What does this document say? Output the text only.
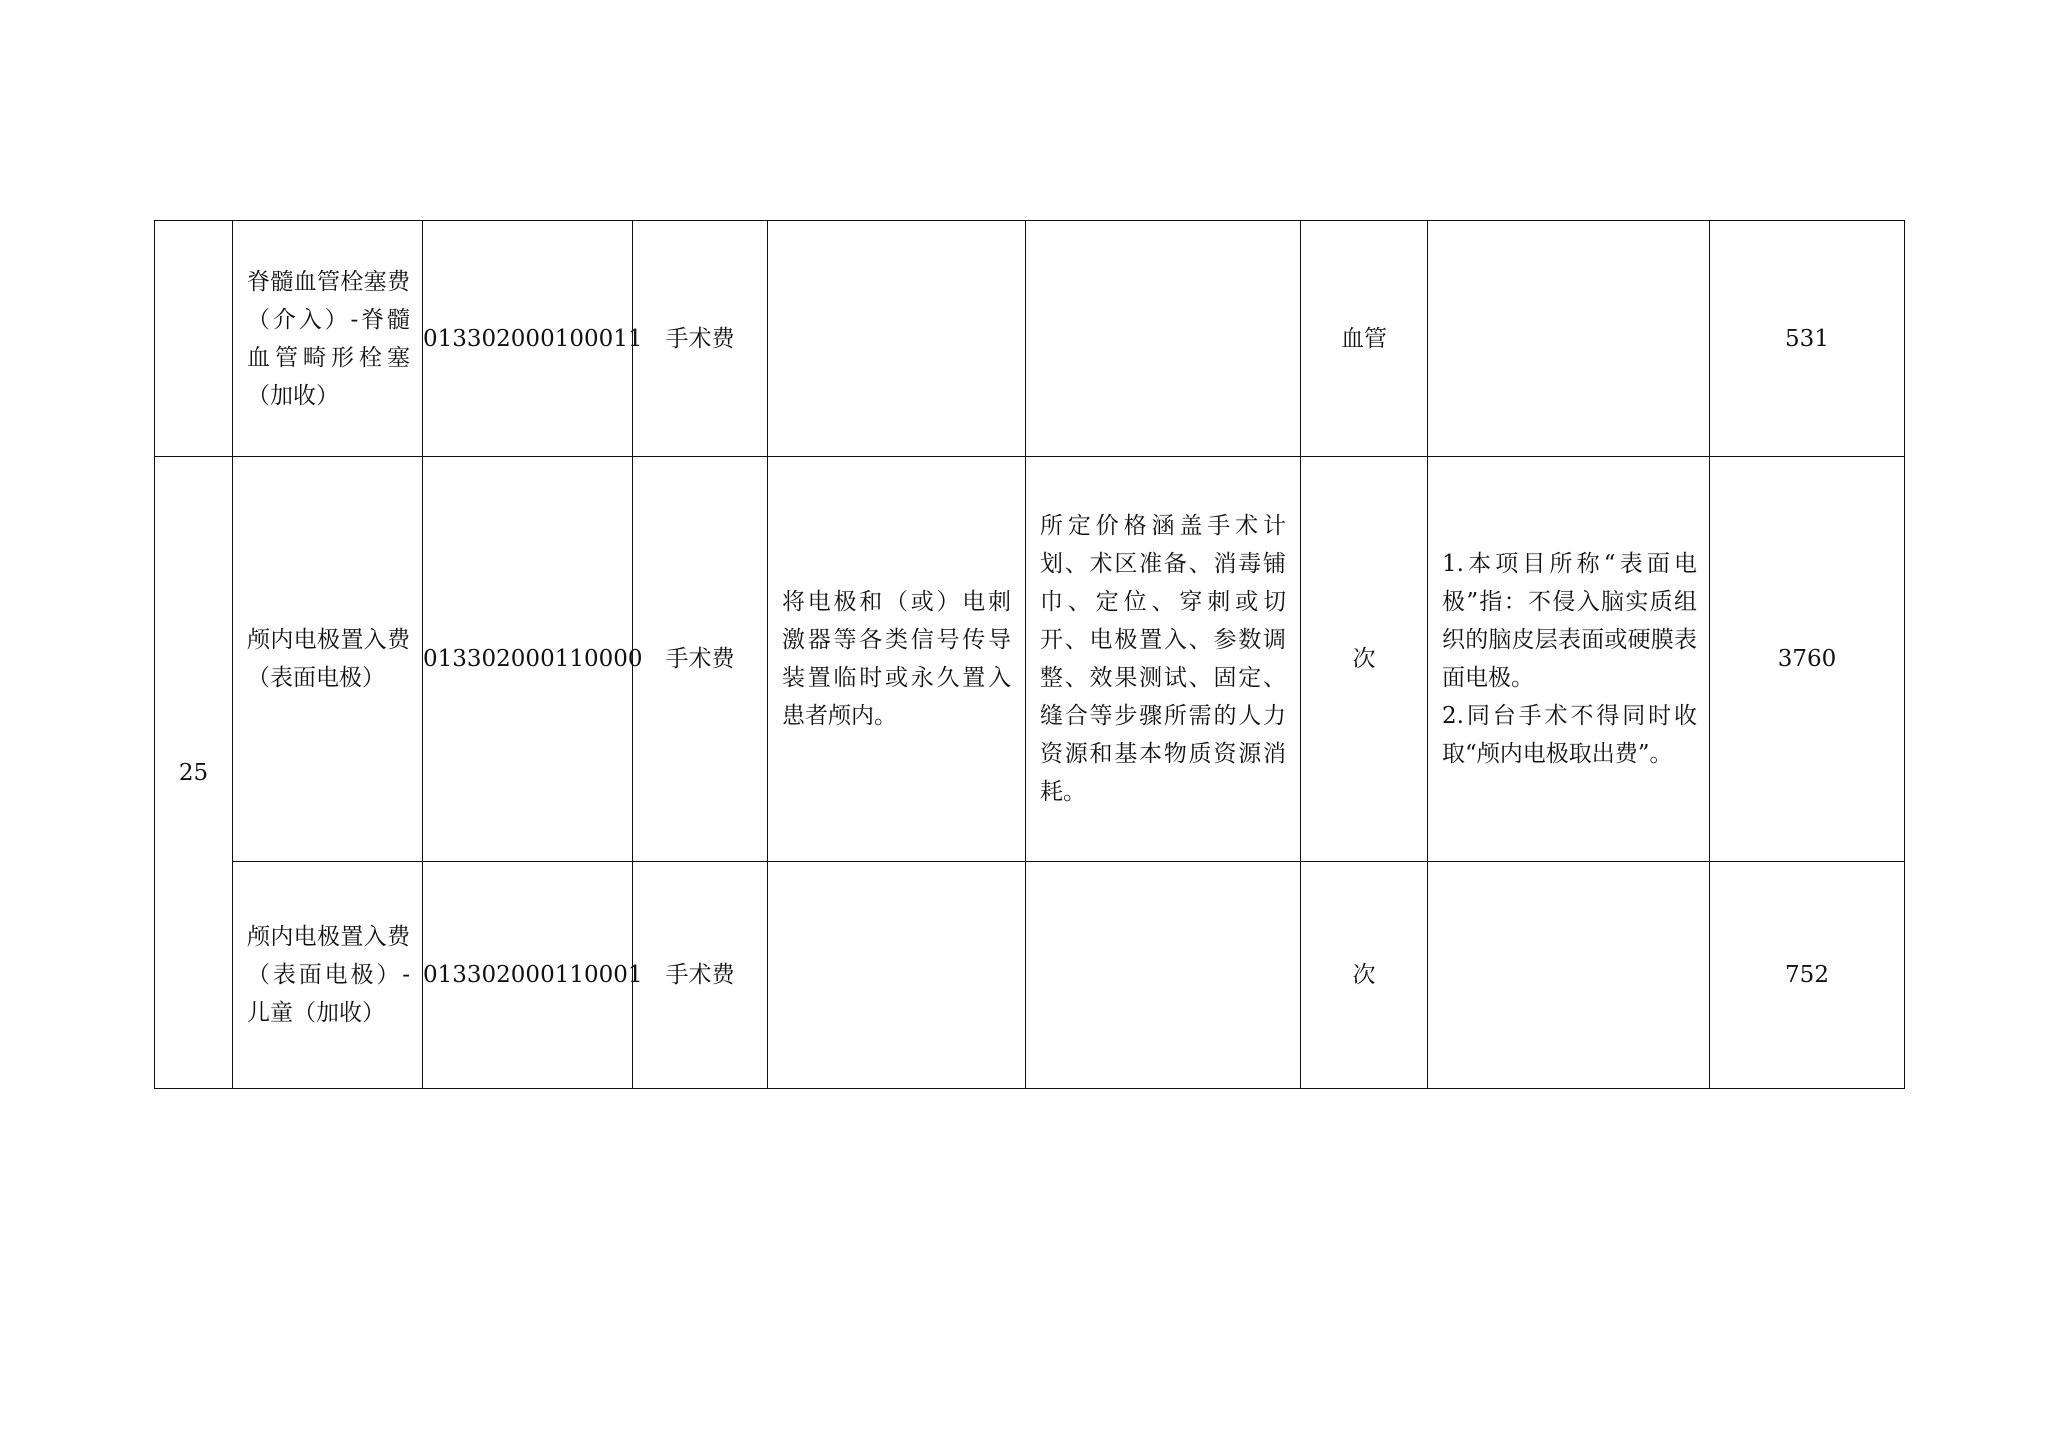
	脊髓血管栓塞费（介入）-脊髓血管畸形栓塞（加收）	013302000100011	手术费			血管		531
25	颅内电极置入费（表面电极）	013302000110000	手术费	将电极和（或）电刺激器等各类信号传导装置临时或永久置入患者颅内。	所定价格涵盖手术计划、术区准备、消毒铺巾、定位、穿刺或切开、电极置入、参数调整、效果测试、固定、缝合等步骤所需的人力资源和基本物质资源消耗。	次	1.本项目所称“表面电极”指：不侵入脑实质组织的脑皮层表面或硬膜表面电极。
2.同台手术不得同时收取“颅内电极取出费”。	3760

	颅内电极置入费（表面电极）-儿童（加收）	013302000110001	手术费			次		752
